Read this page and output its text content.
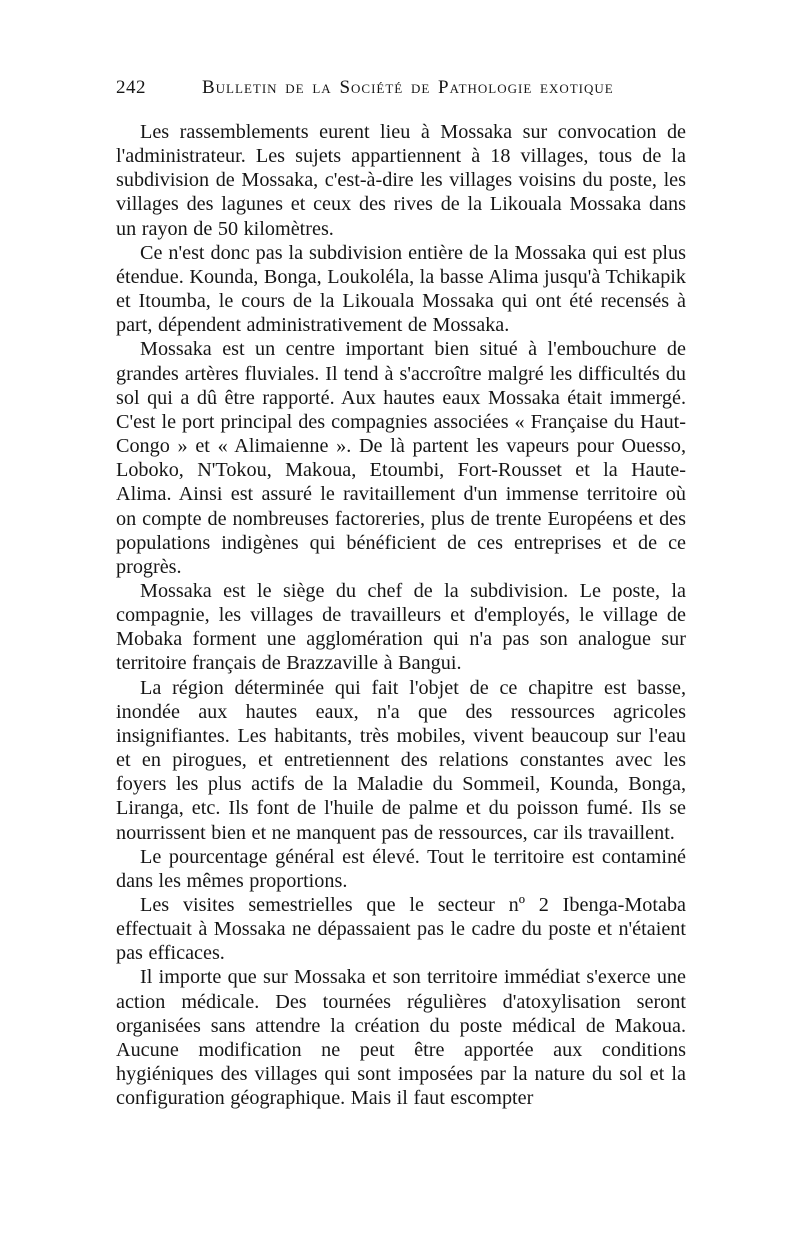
242	Bulletin de la Société de Pathologie exotique

Les rassemblements eurent lieu à Mossaka sur convocation de l'administrateur. Les sujets appartiennent à 18 villages, tous de la subdivision de Mossaka, c'est-à-dire les villages voisins du poste, les villages des lagunes et ceux des rives de la Likouala Mossaka dans un rayon de 50 kilomètres.

Ce n'est donc pas la subdivision entière de la Mossaka qui est plus étendue. Kounda, Bonga, Loukoléla, la basse Alima jusqu'à Tchikapik et Itoumba, le cours de la Likouala Mossaka qui ont été recensés à part, dépendent administrativement de Mossaka.

Mossaka est un centre important bien situé à l'embouchure de grandes artères fluviales. Il tend à s'accroître malgré les difficultés du sol qui a dû être rapporté. Aux hautes eaux Mossaka était immergé. C'est le port principal des compagnies associées « Française du Haut-Congo » et « Alimaienne ». De là partent les vapeurs pour Ouesso, Loboko, N'Tokou, Makoua, Etoumbi, Fort-Rousset et la Haute-Alima. Ainsi est assuré le ravitaillement d'un immense territoire où on compte de nombreuses factoreries, plus de trente Européens et des populations indigènes qui bénéficient de ces entreprises et de ce progrès.

Mossaka est le siège du chef de la subdivision. Le poste, la compagnie, les villages de travailleurs et d'employés, le village de Mobaka forment une agglomération qui n'a pas son analogue sur territoire français de Brazzaville à Bangui.

La région déterminée qui fait l'objet de ce chapitre est basse, inondée aux hautes eaux, n'a que des ressources agricoles insignifiantes. Les habitants, très mobiles, vivent beaucoup sur l'eau et en pirogues, et entretiennent des relations constantes avec les foyers les plus actifs de la Maladie du Sommeil, Kounda, Bonga, Liranga, etc. Ils font de l'huile de palme et du poisson fumé. Ils se nourrissent bien et ne manquent pas de ressources, car ils travaillent.

Le pourcentage général est élevé. Tout le territoire est contaminé dans les mêmes proportions.

Les visites semestrielles que le secteur nº 2 Ibenga-Motaba effectuait à Mossaka ne dépassaient pas le cadre du poste et n'étaient pas efficaces.

Il importe que sur Mossaka et son territoire immédiat s'exerce une action médicale. Des tournées régulières d'atoxylisation seront organisées sans attendre la création du poste médical de Makoua. Aucune modification ne peut être apportée aux conditions hygiéniques des villages qui sont imposées par la nature du sol et la configuration géographique. Mais il faut escompter
